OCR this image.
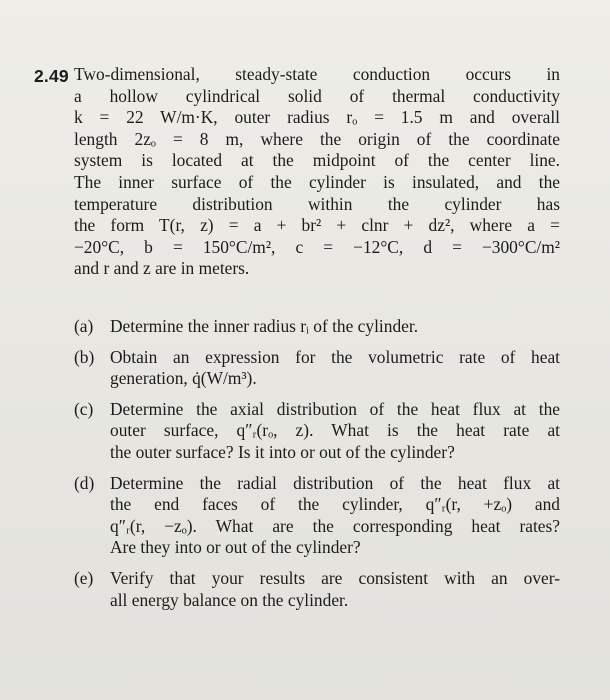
2.49 Two-dimensional, steady-state conduction occurs in
a hollow cylindrical solid of thermal conductivity
k = 22 W/m·K, outer radius rₒ = 1.5 m and overall
length 2zₒ = 8 m, where the origin of the coordinate
system is located at the midpoint of the center line.
The inner surface of the cylinder is insulated, and the
temperature distribution within the cylinder has
the form T(r, z) = a + br² + clnr + dz², where a =
−20°C, b = 150°C/m², c = −12°C, d = −300°C/m²
and r and z are in meters.
(a) Determine the inner radius rᵢ of the cylinder.
(b) Obtain an expression for the volumetric rate of heat
generation, q̇(W/m³).
(c) Determine the axial distribution of the heat flux at the
outer surface, q″ᵣ(rₒ, z). What is the heat rate at
the outer surface? Is it into or out of the cylinder?
(d) Determine the radial distribution of the heat flux at
the end faces of the cylinder, q″ᵣ(r, +zₒ) and
q″ᵣ(r, −zₒ). What are the corresponding heat rates?
Are they into or out of the cylinder?
(e) Verify that your results are consistent with an over-
all energy balance on the cylinder.
